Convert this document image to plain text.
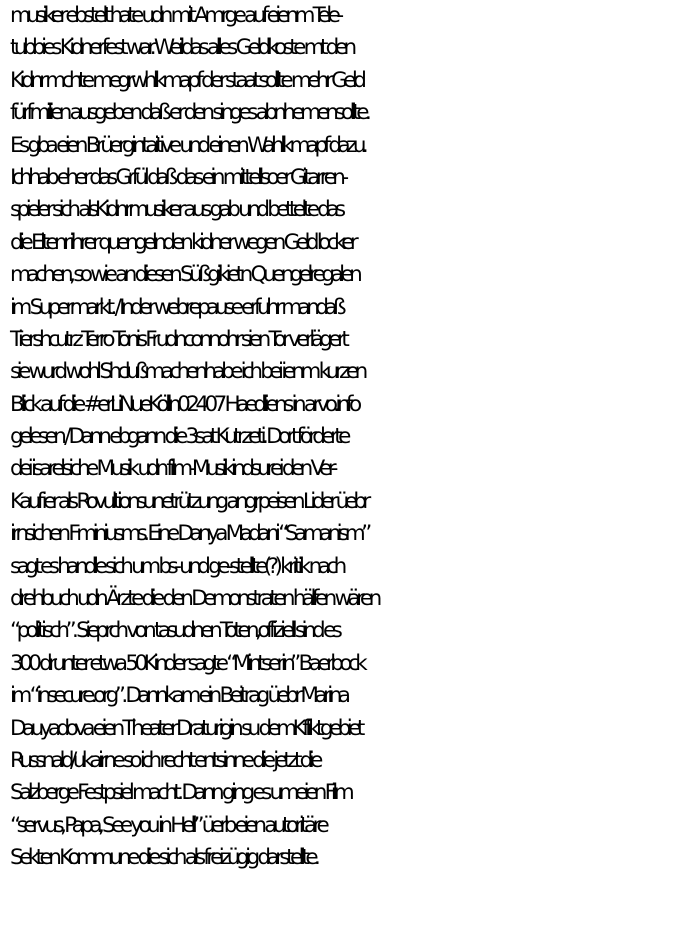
musiker ebstelt hate udn mit Amrge auf eienm Tele-
tubbies Kidnerfest war. Weildas alles Geldkoste mt den
Kidnr mchte megrwhlkmapf der staat sollte mehr Geld
fürfmilien ausgeben daß er den singes abnhemensollte.
Es gba eien Brüergintaitive und einen Wahlkmapf dazu.
Ichhab eher das Grfül daß das ein mittellsoer Gitarren-
spieler sich alsKidnrmusiker aus gab und bettelte das
die Eltenr ihrer quengelnden kidner wegen Geld locker
machen, so wie an diesen Süßgikietn Quengelregalen
im Supermarkt. / Inder webrepause erfuhr mandaß
Tiershcutrz Terro Tonis Frudnconnohr sien Tor verlägert
sie wurd wohl Shclußmachenhabe ich bei ienm kurzen
Blick auf die #erLiNueKölln02407 Haedliens in arvo.info
gelesen / Dann ebgann die 3sat Kutrzeti. Dort förderte
dei isarelsiche Musik udn film-Musikindsurei den Ver-
Kauf ier als Rovultionsunetrützung angrpeisen Lider üebr
irnsichen Fminiusms. Eine Danya Madani “Samanism”
sagt es handle sich um bs- und ge-stellte(?) kritik nach
drehbuch udn Ärzte die den Demonstraten hälfen wären
“politisch”. Sieprch von tasudnen Toten,offiziell sind es
300 drunter etwa 50Kinder sagte “Mintserin” Baerbock
im “insecure.org”. Dannkam ein Beitrag üebr Marina
Dauyadova eien Theater Draturigin su demKfliktgebiet
Russnald/ukairne so ich recht entsinne die jetzt die
Salzberge Festpsiel macht. Dann ging es umeien Film
“servus, Papa, See you in Hell” üerb eien autoritäre
Sekten Kommune die sich als freizügig darstellte.
